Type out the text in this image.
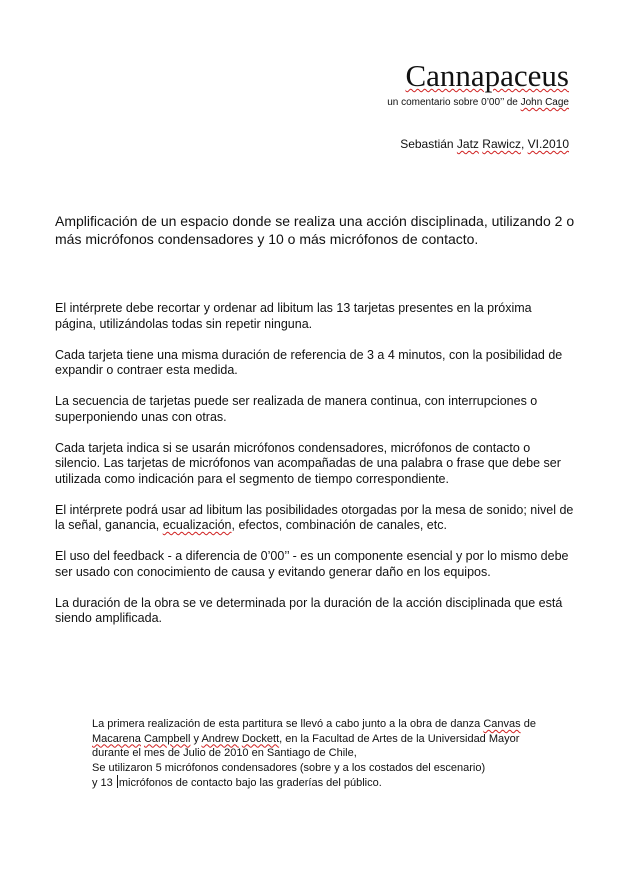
Cannapaceus
un comentario sobre 0’00’’ de John Cage
Sebastián Jatz Rawicz, VI.2010

Amplificación de un espacio donde se realiza una acción disciplinada, utilizando 2 o más micrófonos condensadores y 10 o más micrófonos de contacto.

El intérprete debe recortar y ordenar ad libitum las 13 tarjetas presentes en la próxima página, utilizándolas todas sin repetir ninguna.

Cada tarjeta tiene una misma duración de referencia de 3 a 4 minutos, con la posibilidad de expandir o contraer esta medida.

La secuencia de tarjetas puede ser realizada de manera continua, con interrupciones o superponiendo unas con otras.

Cada tarjeta indica si se usarán micrófonos condensadores, micrófonos de contacto o silencio. Las tarjetas de micrófonos van acompañadas de una palabra o frase que debe ser utilizada como indicación para el segmento de tiempo correspondiente.

El intérprete podrá usar ad libitum las posibilidades otorgadas por la mesa de sonido; nivel de la señal, ganancia, ecualización, efectos, combinación de canales, etc.

El uso del feedback - a diferencia de 0’00’’ - es un componente esencial y por lo mismo debe ser usado con conocimiento de causa y evitando generar daño en los equipos.

La duración de la obra se ve determinada por la duración de la acción disciplinada que está siendo amplificada.

La primera realización de esta partitura se llevó a cabo junto a la obra de danza Canvas de
Macarena Campbell y Andrew Dockett, en la Facultad de Artes de la Universidad Mayor
durante el mes de Julio de 2010 en Santiago de Chile,
Se utilizaron 5 micrófonos condensadores (sobre y a los costados del escenario)
y 13 micrófonos de contacto bajo las graderías del público.
